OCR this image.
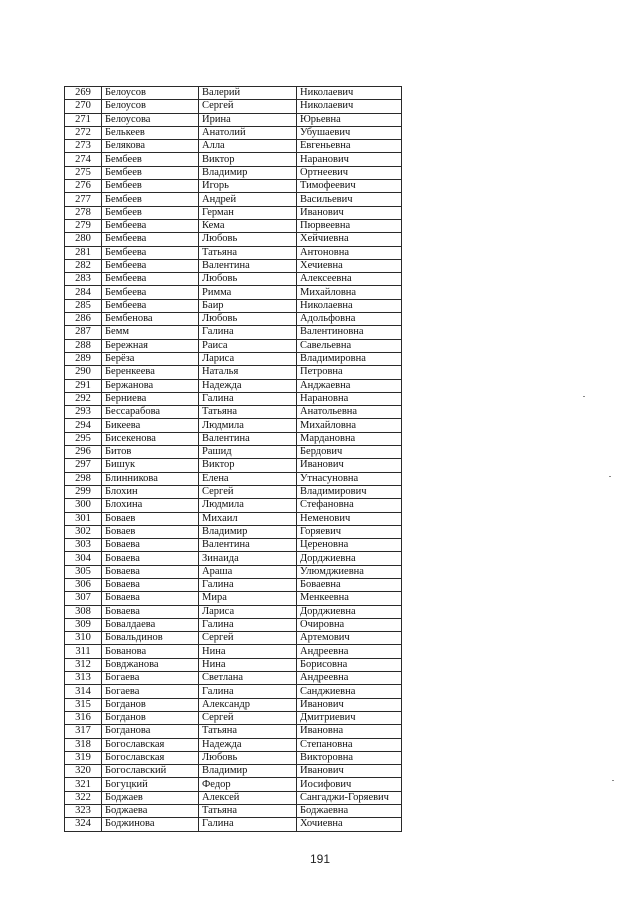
269	Белоусов	Валерий	Николаевич
270	Белоусов	Сергей	Николаевич
271	Белоусова	Ирина	Юрьевна
272	Белькеев	Анатолий	Убушаевич
273	Белякова	Алла	Евгеньевна
274	Бембеев	Виктор	Наранович
275	Бембеев	Владимир	Ортнеевич
276	Бембеев	Игорь	Тимофеевич
277	Бембеев	Андрей	Васильевич
278	Бембеев	Герман	Иванович
279	Бембеева	Кема	Пюрвеевна
280	Бембеева	Любовь	Хейчиевна
281	Бембеева	Татьяна	Антоновна
282	Бембеева	Валентина	Хечиевна
283	Бембеева	Любовь	Алексеевна
284	Бембеева	Римма	Михайловна
285	Бембеева	Баир	Николаевна
286	Бембенова	Любовь	Адольфовна
287	Бемм	Галина	Валентиновна
288	Бережная	Раиса	Савельевна
289	Берёза	Лариса	Владимировна
290	Беренкеева	Наталья	Петровна
291	Бержанова	Надежда	Анджаевна
292	Берниева	Галина	Нарановна
293	Бессарабова	Татьяна	Анатольевна
294	Бикеева	Людмила	Михайловна
295	Бисекенова	Валентина	Мардановна
296	Битов	Рашид	Бердович
297	Бишук	Виктор	Иванович
298	Блинникова	Елена	Утнасуновна
299	Блохин	Сергей	Владимирович
300	Блохина	Людмила	Стефановна
301	Боваев	Михаил	Неменович
302	Боваев	Владимир	Горяевич
303	Боваева	Валентина	Цереновна
304	Боваева	Зинаида	Дорджиевна
305	Боваева	Араша	Улюмджиевна
306	Боваева	Галина	Боваевна
307	Боваева	Мира	Менкеевна
308	Боваева	Лариса	Дорджиевна
309	Бовалдаева	Галина	Очировна
310	Бовальдинов	Сергей	Артемович
311	Бованова	Нина	Андреевна
312	Бовджанова	Нина	Борисовна
313	Богаева	Светлана	Андреевна
314	Богаева	Галина	Санджиевна
315	Богданов	Александр	Иванович
316	Богданов	Сергей	Дмитриевич
317	Богданова	Татьяна	Ивановна
318	Богославская	Надежда	Степановна
319	Богославская	Любовь	Викторовна
320	Богославский	Владимир	Иванович
321	Богуцкий	Федор	Иосифович
322	Боджаев	Алексей	Сангаджи-Горяевич
323	Боджаева	Татьяна	Боджаевна
324	Боджинова	Галина	Хочиевна
191
